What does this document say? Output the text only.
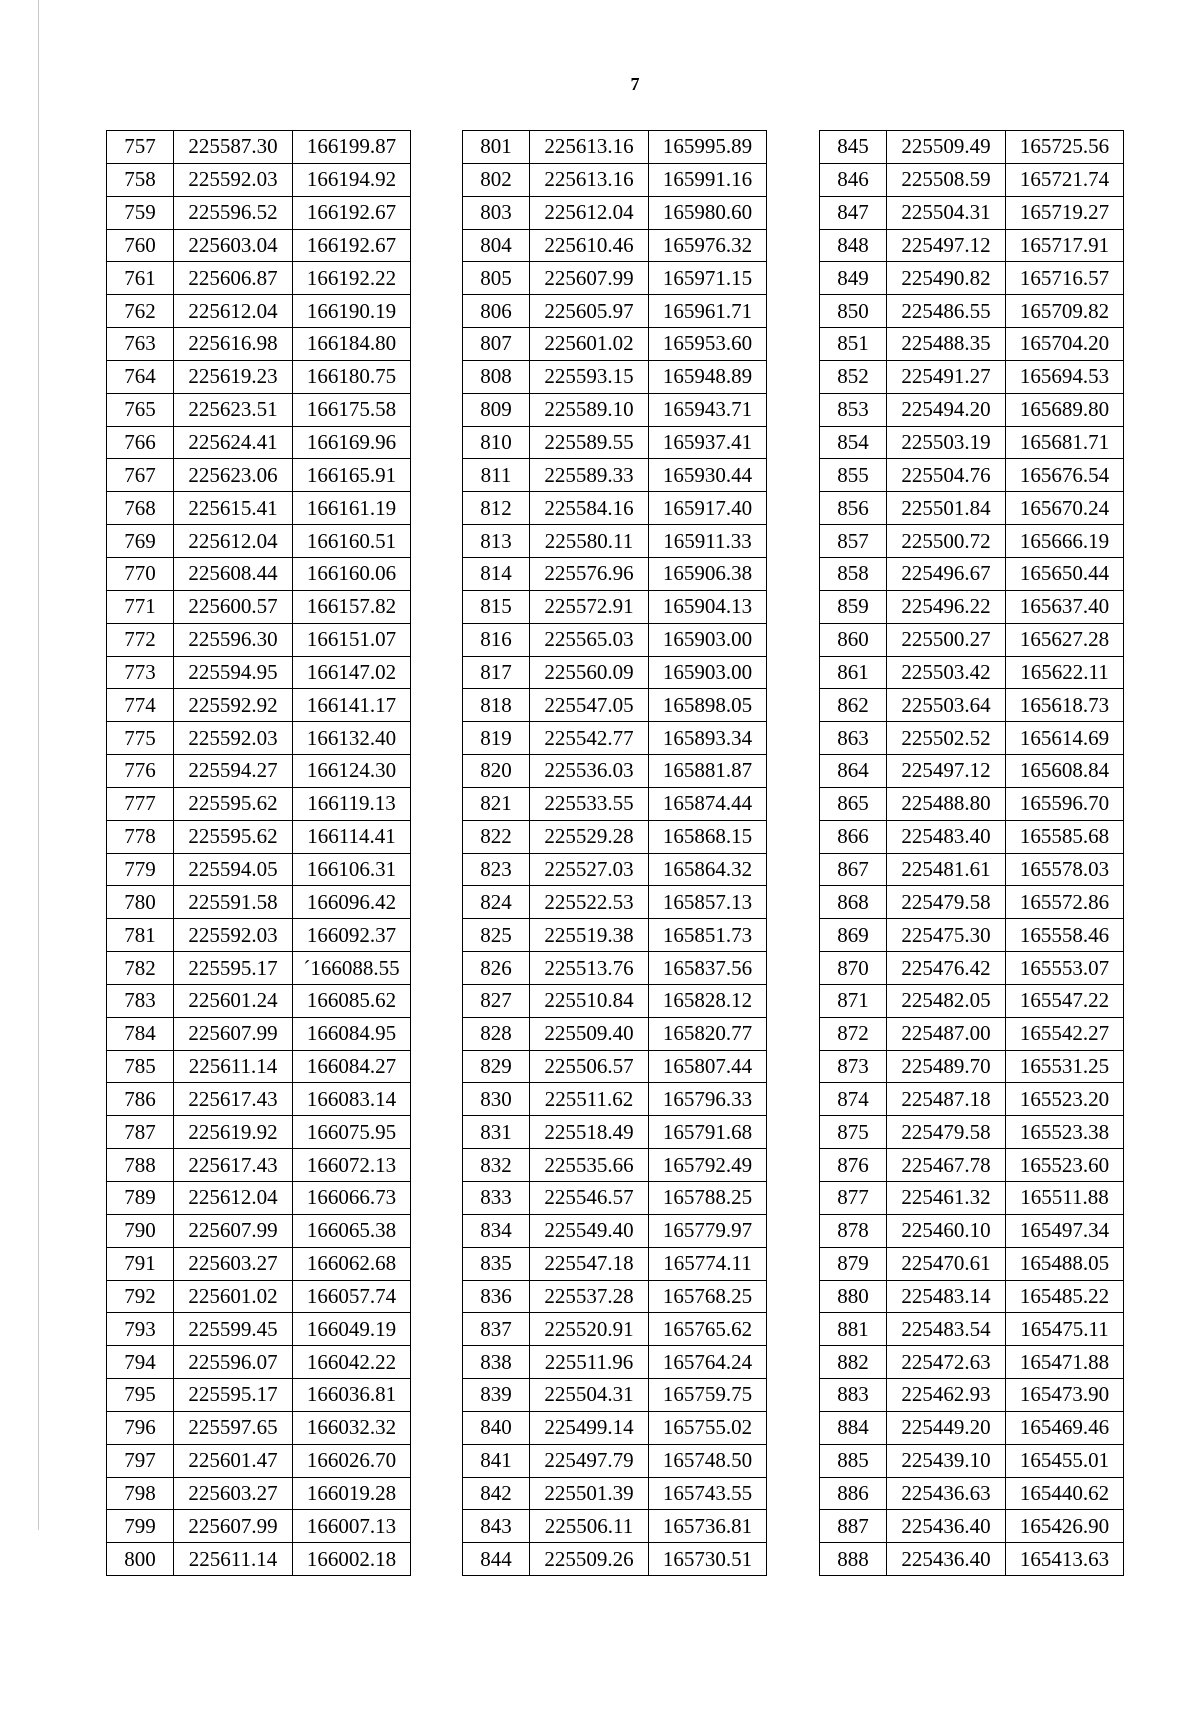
7
757	225587.30	166199.87
758	225592.03	166194.92
759	225596.52	166192.67
760	225603.04	166192.67
761	225606.87	166192.22
762	225612.04	166190.19
763	225616.98	166184.80
764	225619.23	166180.75
765	225623.51	166175.58
766	225624.41	166169.96
767	225623.06	166165.91
768	225615.41	166161.19
769	225612.04	166160.51
770	225608.44	166160.06
771	225600.57	166157.82
772	225596.30	166151.07
773	225594.95	166147.02
774	225592.92	166141.17
775	225592.03	166132.40
776	225594.27	166124.30
777	225595.62	166119.13
778	225595.62	166114.41
779	225594.05	166106.31
780	225591.58	166096.42
781	225592.03	166092.37
782	225595.17	´166088.55
783	225601.24	166085.62
784	225607.99	166084.95
785	225611.14	166084.27
786	225617.43	166083.14
787	225619.92	166075.95
788	225617.43	166072.13
789	225612.04	166066.73
790	225607.99	166065.38
791	225603.27	166062.68
792	225601.02	166057.74
793	225599.45	166049.19
794	225596.07	166042.22
795	225595.17	166036.81
796	225597.65	166032.32
797	225601.47	166026.70
798	225603.27	166019.28
799	225607.99	166007.13
800	225611.14	166002.18
801	225613.16	165995.89
802	225613.16	165991.16
803	225612.04	165980.60
804	225610.46	165976.32
805	225607.99	165971.15
806	225605.97	165961.71
807	225601.02	165953.60
808	225593.15	165948.89
809	225589.10	165943.71
810	225589.55	165937.41
811	225589.33	165930.44
812	225584.16	165917.40
813	225580.11	165911.33
814	225576.96	165906.38
815	225572.91	165904.13
816	225565.03	165903.00
817	225560.09	165903.00
818	225547.05	165898.05
819	225542.77	165893.34
820	225536.03	165881.87
821	225533.55	165874.44
822	225529.28	165868.15
823	225527.03	165864.32
824	225522.53	165857.13
825	225519.38	165851.73
826	225513.76	165837.56
827	225510.84	165828.12
828	225509.40	165820.77
829	225506.57	165807.44
830	225511.62	165796.33
831	225518.49	165791.68
832	225535.66	165792.49
833	225546.57	165788.25
834	225549.40	165779.97
835	225547.18	165774.11
836	225537.28	165768.25
837	225520.91	165765.62
838	225511.96	165764.24
839	225504.31	165759.75
840	225499.14	165755.02
841	225497.79	165748.50
842	225501.39	165743.55
843	225506.11	165736.81
844	225509.26	165730.51
845	225509.49	165725.56
846	225508.59	165721.74
847	225504.31	165719.27
848	225497.12	165717.91
849	225490.82	165716.57
850	225486.55	165709.82
851	225488.35	165704.20
852	225491.27	165694.53
853	225494.20	165689.80
854	225503.19	165681.71
855	225504.76	165676.54
856	225501.84	165670.24
857	225500.72	165666.19
858	225496.67	165650.44
859	225496.22	165637.40
860	225500.27	165627.28
861	225503.42	165622.11
862	225503.64	165618.73
863	225502.52	165614.69
864	225497.12	165608.84
865	225488.80	165596.70
866	225483.40	165585.68
867	225481.61	165578.03
868	225479.58	165572.86
869	225475.30	165558.46
870	225476.42	165553.07
871	225482.05	165547.22
872	225487.00	165542.27
873	225489.70	165531.25
874	225487.18	165523.20
875	225479.58	165523.38
876	225467.78	165523.60
877	225461.32	165511.88
878	225460.10	165497.34
879	225470.61	165488.05
880	225483.14	165485.22
881	225483.54	165475.11
882	225472.63	165471.88
883	225462.93	165473.90
884	225449.20	165469.46
885	225439.10	165455.01
886	225436.63	165440.62
887	225436.40	165426.90
888	225436.40	165413.63
